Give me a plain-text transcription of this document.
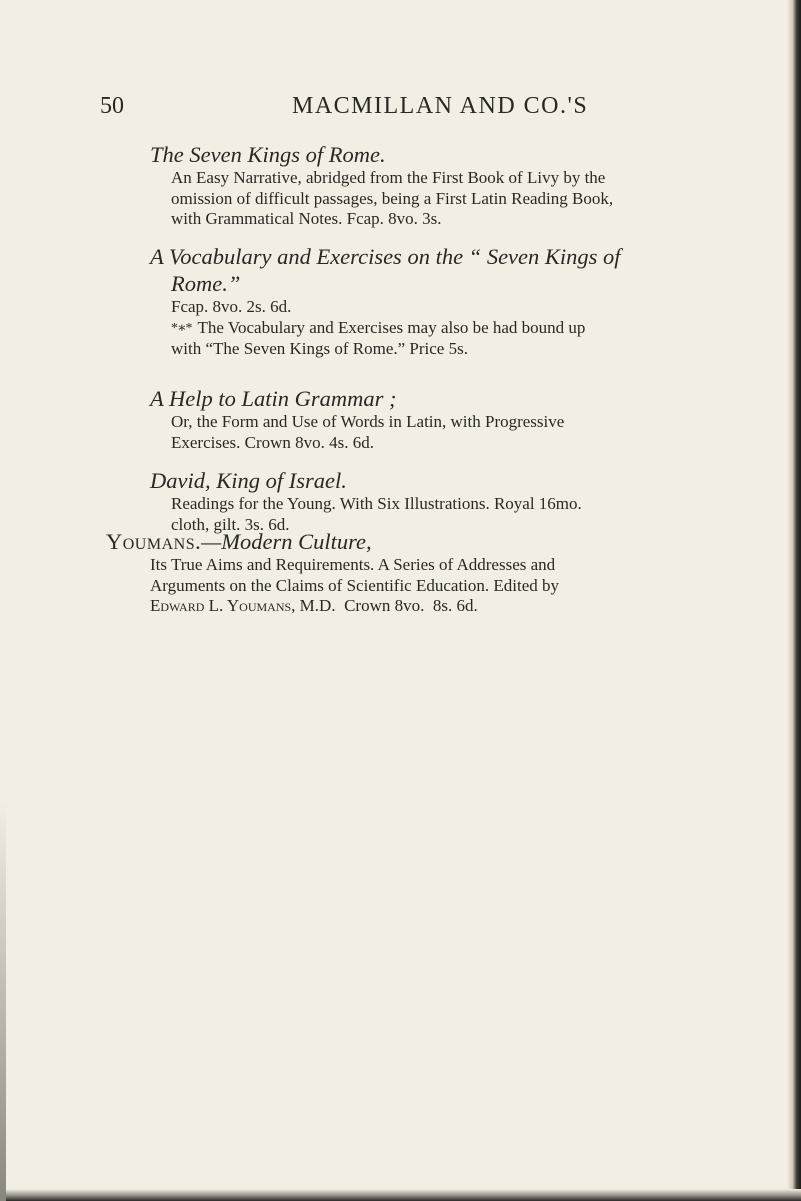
50	MACMILLAN AND CO.'S
The Seven Kings of Rome.
An Easy Narrative, abridged from the First Book of Livy by the
omission of difficult passages, being a First Latin Reading Book,
with Grammatical Notes. Fcap. 8vo. 3s.
A Vocabulary and Exercises on the “ Seven Kings of
Rome.”
Fcap. 8vo. 2s. 6d.
*∗* The Vocabulary and Exercises may also be had bound up
with “The Seven Kings of Rome.” Price 5s.
A Help to Latin Grammar ;
Or, the Form and Use of Words in Latin, with Progressive
Exercises. Crown 8vo. 4s. 6d.
David, King of Israel.
Readings for the Young. With Six Illustrations. Royal 16mo.
cloth, gilt. 3s. 6d.
Youmans.—Modern Culture,
Its True Aims and Requirements. A Series of Addresses and
Arguments on the Claims of Scientific Education. Edited by
Edward L. Youmans, M.D.  Crown 8vo.  8s. 6d.
